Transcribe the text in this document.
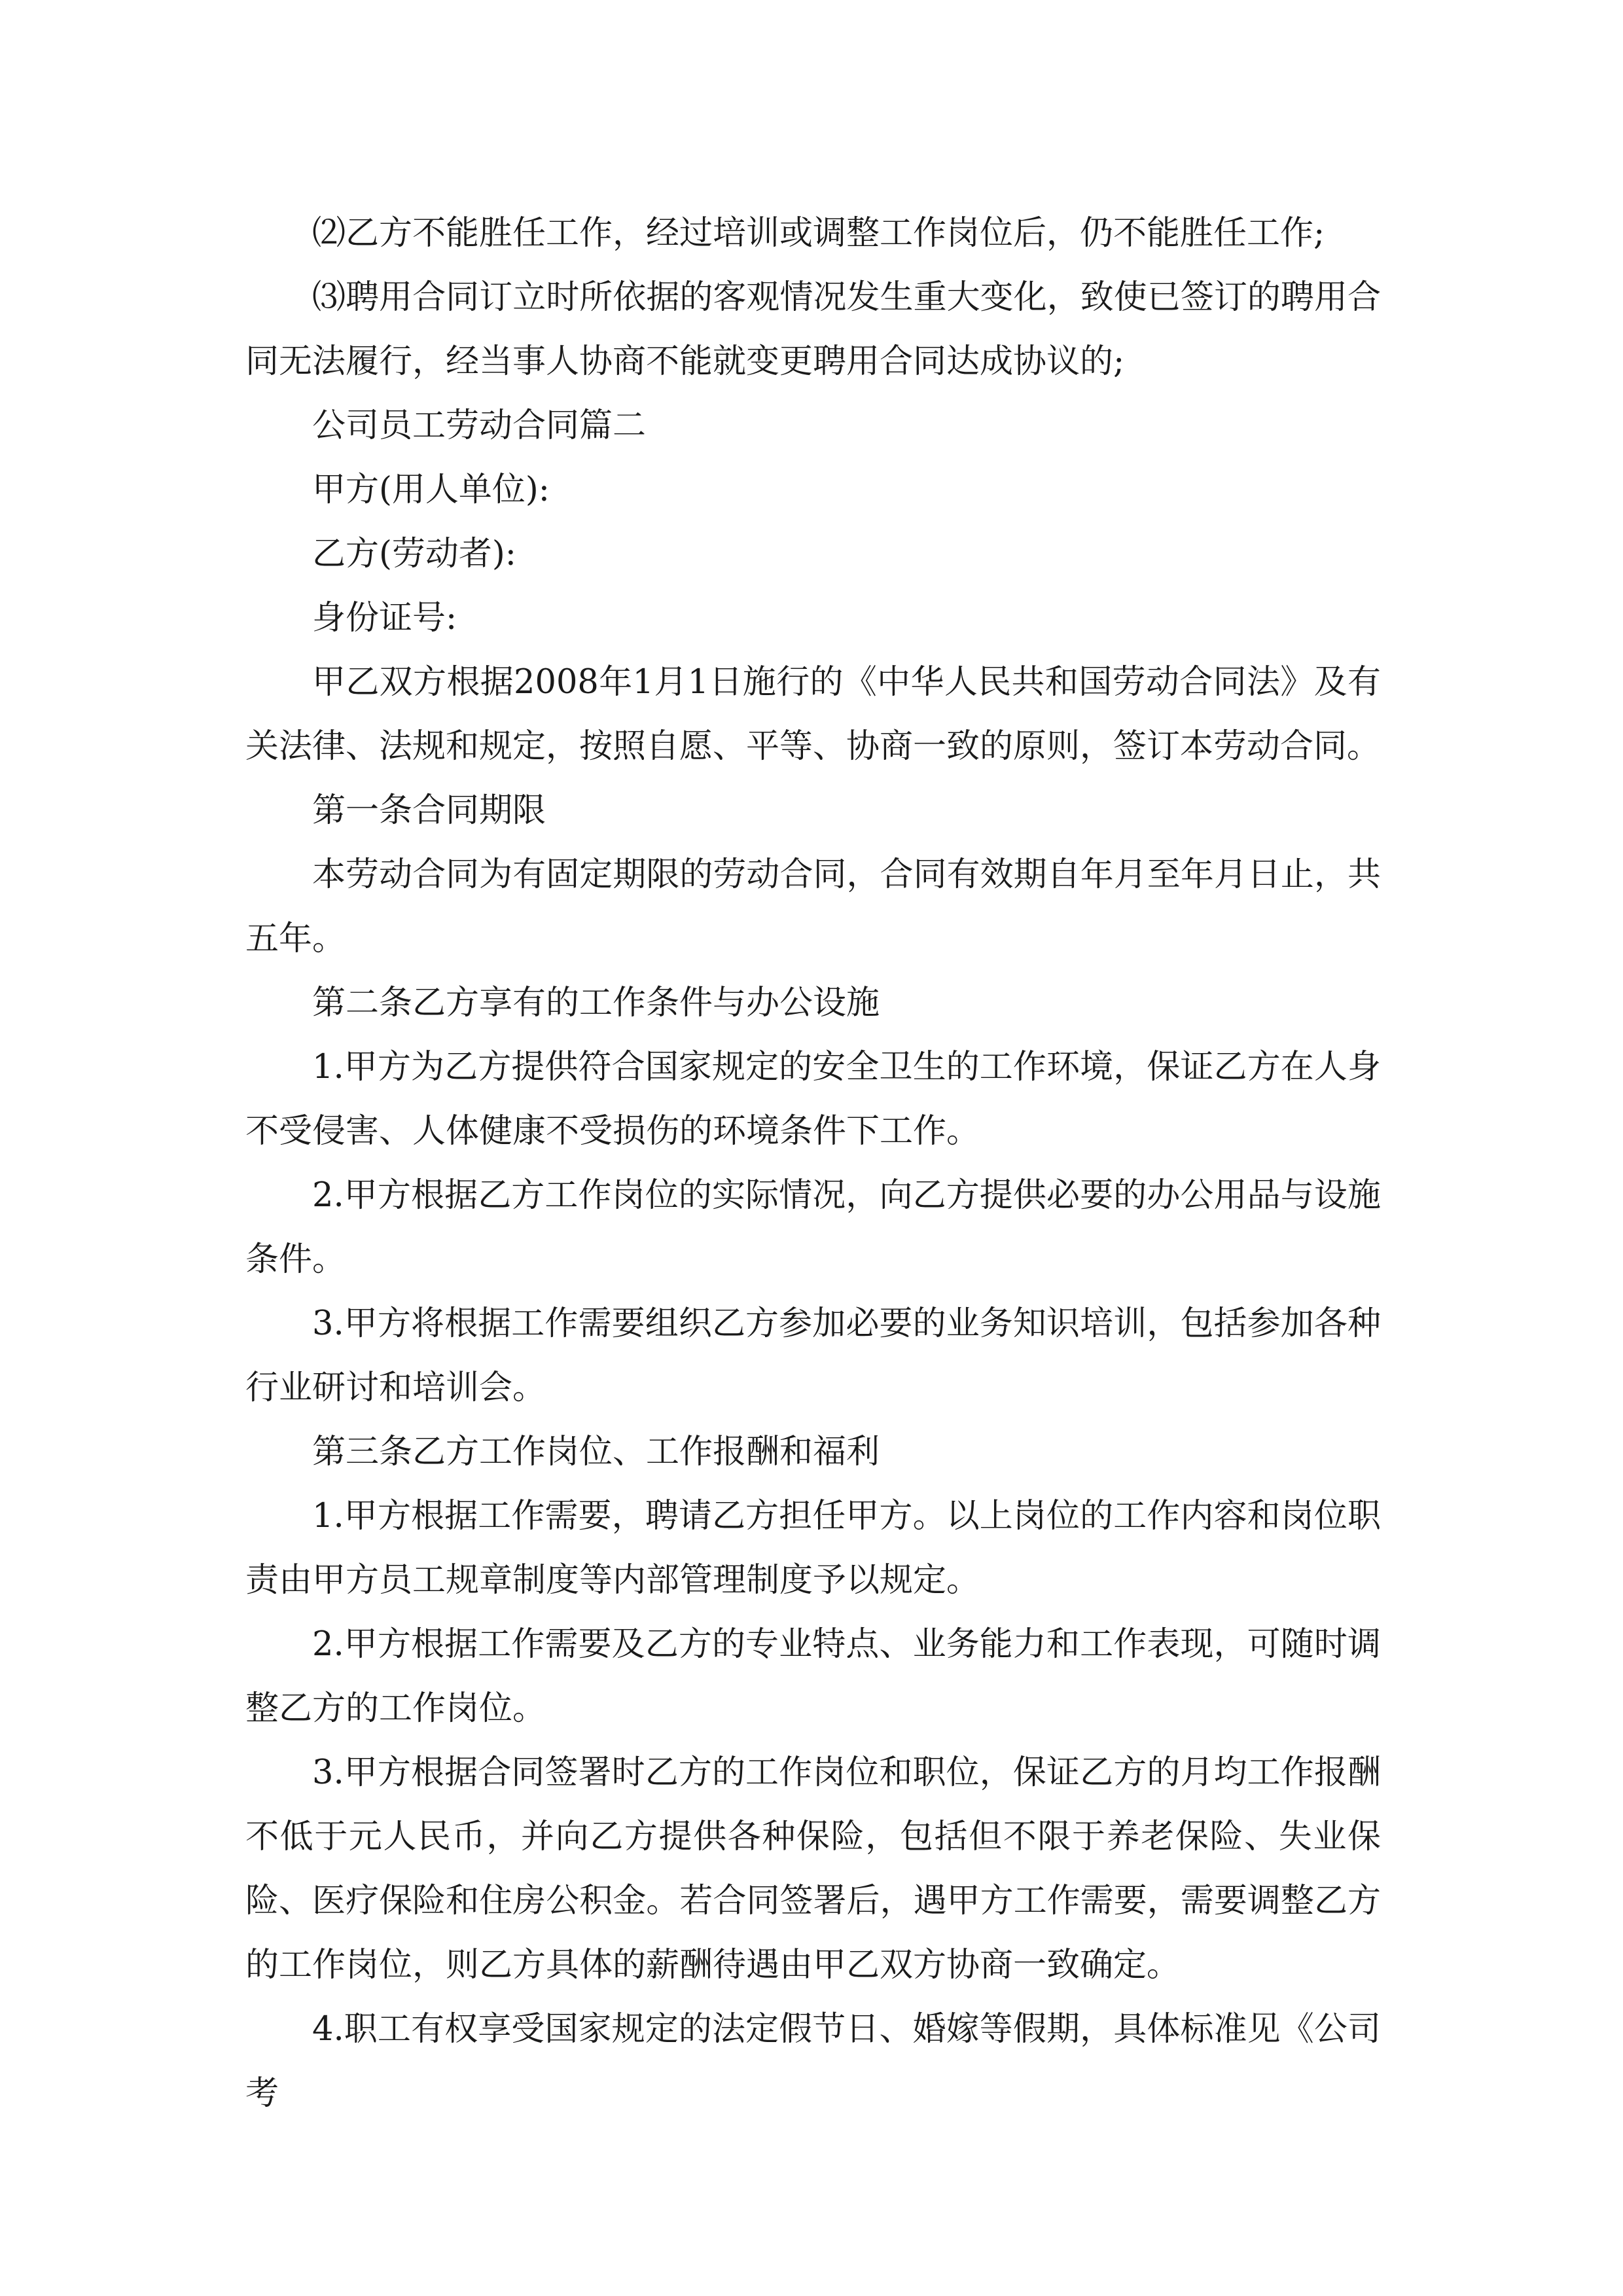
⑵乙方不能胜任工作，经过培训或调整工作岗位后，仍不能胜任工作;

⑶聘用合同订立时所依据的客观情况发生重大变化，致使已签订的聘用合同无法履行，经当事人协商不能就变更聘用合同达成协议的;

公司员工劳动合同篇二

甲方(用人单位):

乙方(劳动者):

身份证号:

甲乙双方根据2008年1月1日施行的《中华人民共和国劳动合同法》及有关法律、法规和规定，按照自愿、平等、协商一致的原则，签订本劳动合同。

第一条合同期限

本劳动合同为有固定期限的劳动合同，合同有效期自年月至年月日止，共五年。

第二条乙方享有的工作条件与办公设施

1.甲方为乙方提供符合国家规定的安全卫生的工作环境，保证乙方在人身不受侵害、人体健康不受损伤的环境条件下工作。

2.甲方根据乙方工作岗位的实际情况，向乙方提供必要的办公用品与设施条件。

3.甲方将根据工作需要组织乙方参加必要的业务知识培训，包括参加各种行业研讨和培训会。

第三条乙方工作岗位、工作报酬和福利

1.甲方根据工作需要，聘请乙方担任甲方。以上岗位的工作内容和岗位职责由甲方员工规章制度等内部管理制度予以规定。

2.甲方根据工作需要及乙方的专业特点、业务能力和工作表现，可随时调整乙方的工作岗位。

3.甲方根据合同签署时乙方的工作岗位和职位，保证乙方的月均工作报酬不低于元人民币，并向乙方提供各种保险，包括但不限于养老保险、失业保险、医疗保险和住房公积金。若合同签署后，遇甲方工作需要，需要调整乙方的工作岗位，则乙方具体的薪酬待遇由甲乙双方协商一致确定。

4.职工有权享受国家规定的法定假节日、婚嫁等假期，具体标准见《公司考
